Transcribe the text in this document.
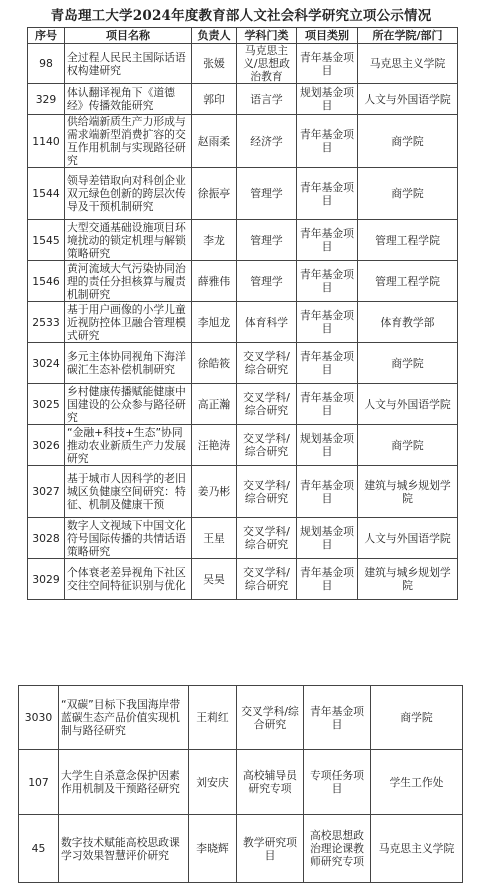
青岛理工大学2024年度教育部人文社会科学研究立项公示情况
序号	项目名称	负责人	学科门类	项目类别	所在学院/部门
98	全过程人民民主国际话语权构建研究	张媛	马克思主义/思想政治教育	青年基金项目	马克思主义学院
329	体认翻译视角下《道德经》传播效能研究	郭印	语言学	规划基金项目	人文与外国语学院
1140	供给端新质生产力形成与需求端新型消费扩容的交互作用机制与实现路径研究	赵雨柔	经济学	青年基金项目	商学院
1544	领导差错取向对科创企业双元绿色创新的跨层次传导及干预机制研究	徐振亭	管理学	青年基金项目	商学院
1545	大型交通基础设施项目环境扰动的锁定机理与解锁策略研究	李龙	管理学	青年基金项目	管理工程学院
1546	黄河流域大气污染协同治理的责任分担核算与履责机制研究	薛雅伟	管理学	青年基金项目	管理工程学院
2533	基于用户画像的小学儿童近视防控体卫融合管理模式研究	李旭龙	体育科学	青年基金项目	体育教学部
3024	多元主体协同视角下海洋碳汇生态补偿机制研究	徐皓筱	交叉学科/综合研究	青年基金项目	商学院
3025	乡村健康传播赋能健康中国建设的公众参与路径研究	高正瀚	交叉学科/综合研究	青年基金项目	人文与外国语学院
3026	“金融+科技+生态”协同推动农业新质生产力发展研究	汪艳涛	交叉学科/综合研究	规划基金项目	商学院
3027	基于城市人因科学的老旧城区负健康空间研究：特征、机制及健康干预	姜乃彬	交叉学科/综合研究	青年基金项目	建筑与城乡规划学院
3028	数字人文视域下中国文化符号国际传播的共情话语策略研究	王星	交叉学科/综合研究	规划基金项目	人文与外国语学院
3029	个体衰老差异视角下社区交往空间特征识别与优化	吴昊	交叉学科/综合研究	青年基金项目	建筑与城乡规划学院
3030	“双碳”目标下我国海岸带蓝碳生态产品价值实现机制与路径研究	王莉红	交叉学科/综合研究	青年基金项目	商学院
107	大学生自杀意念保护因素作用机制及干预路径研究	刘安庆	高校辅导员研究专项	专项任务项目	学生工作处
45	数字技术赋能高校思政课学习效果智慧评价研究	李晓辉	教学研究项目	高校思想政治理论课教师研究专项	马克思主义学院
